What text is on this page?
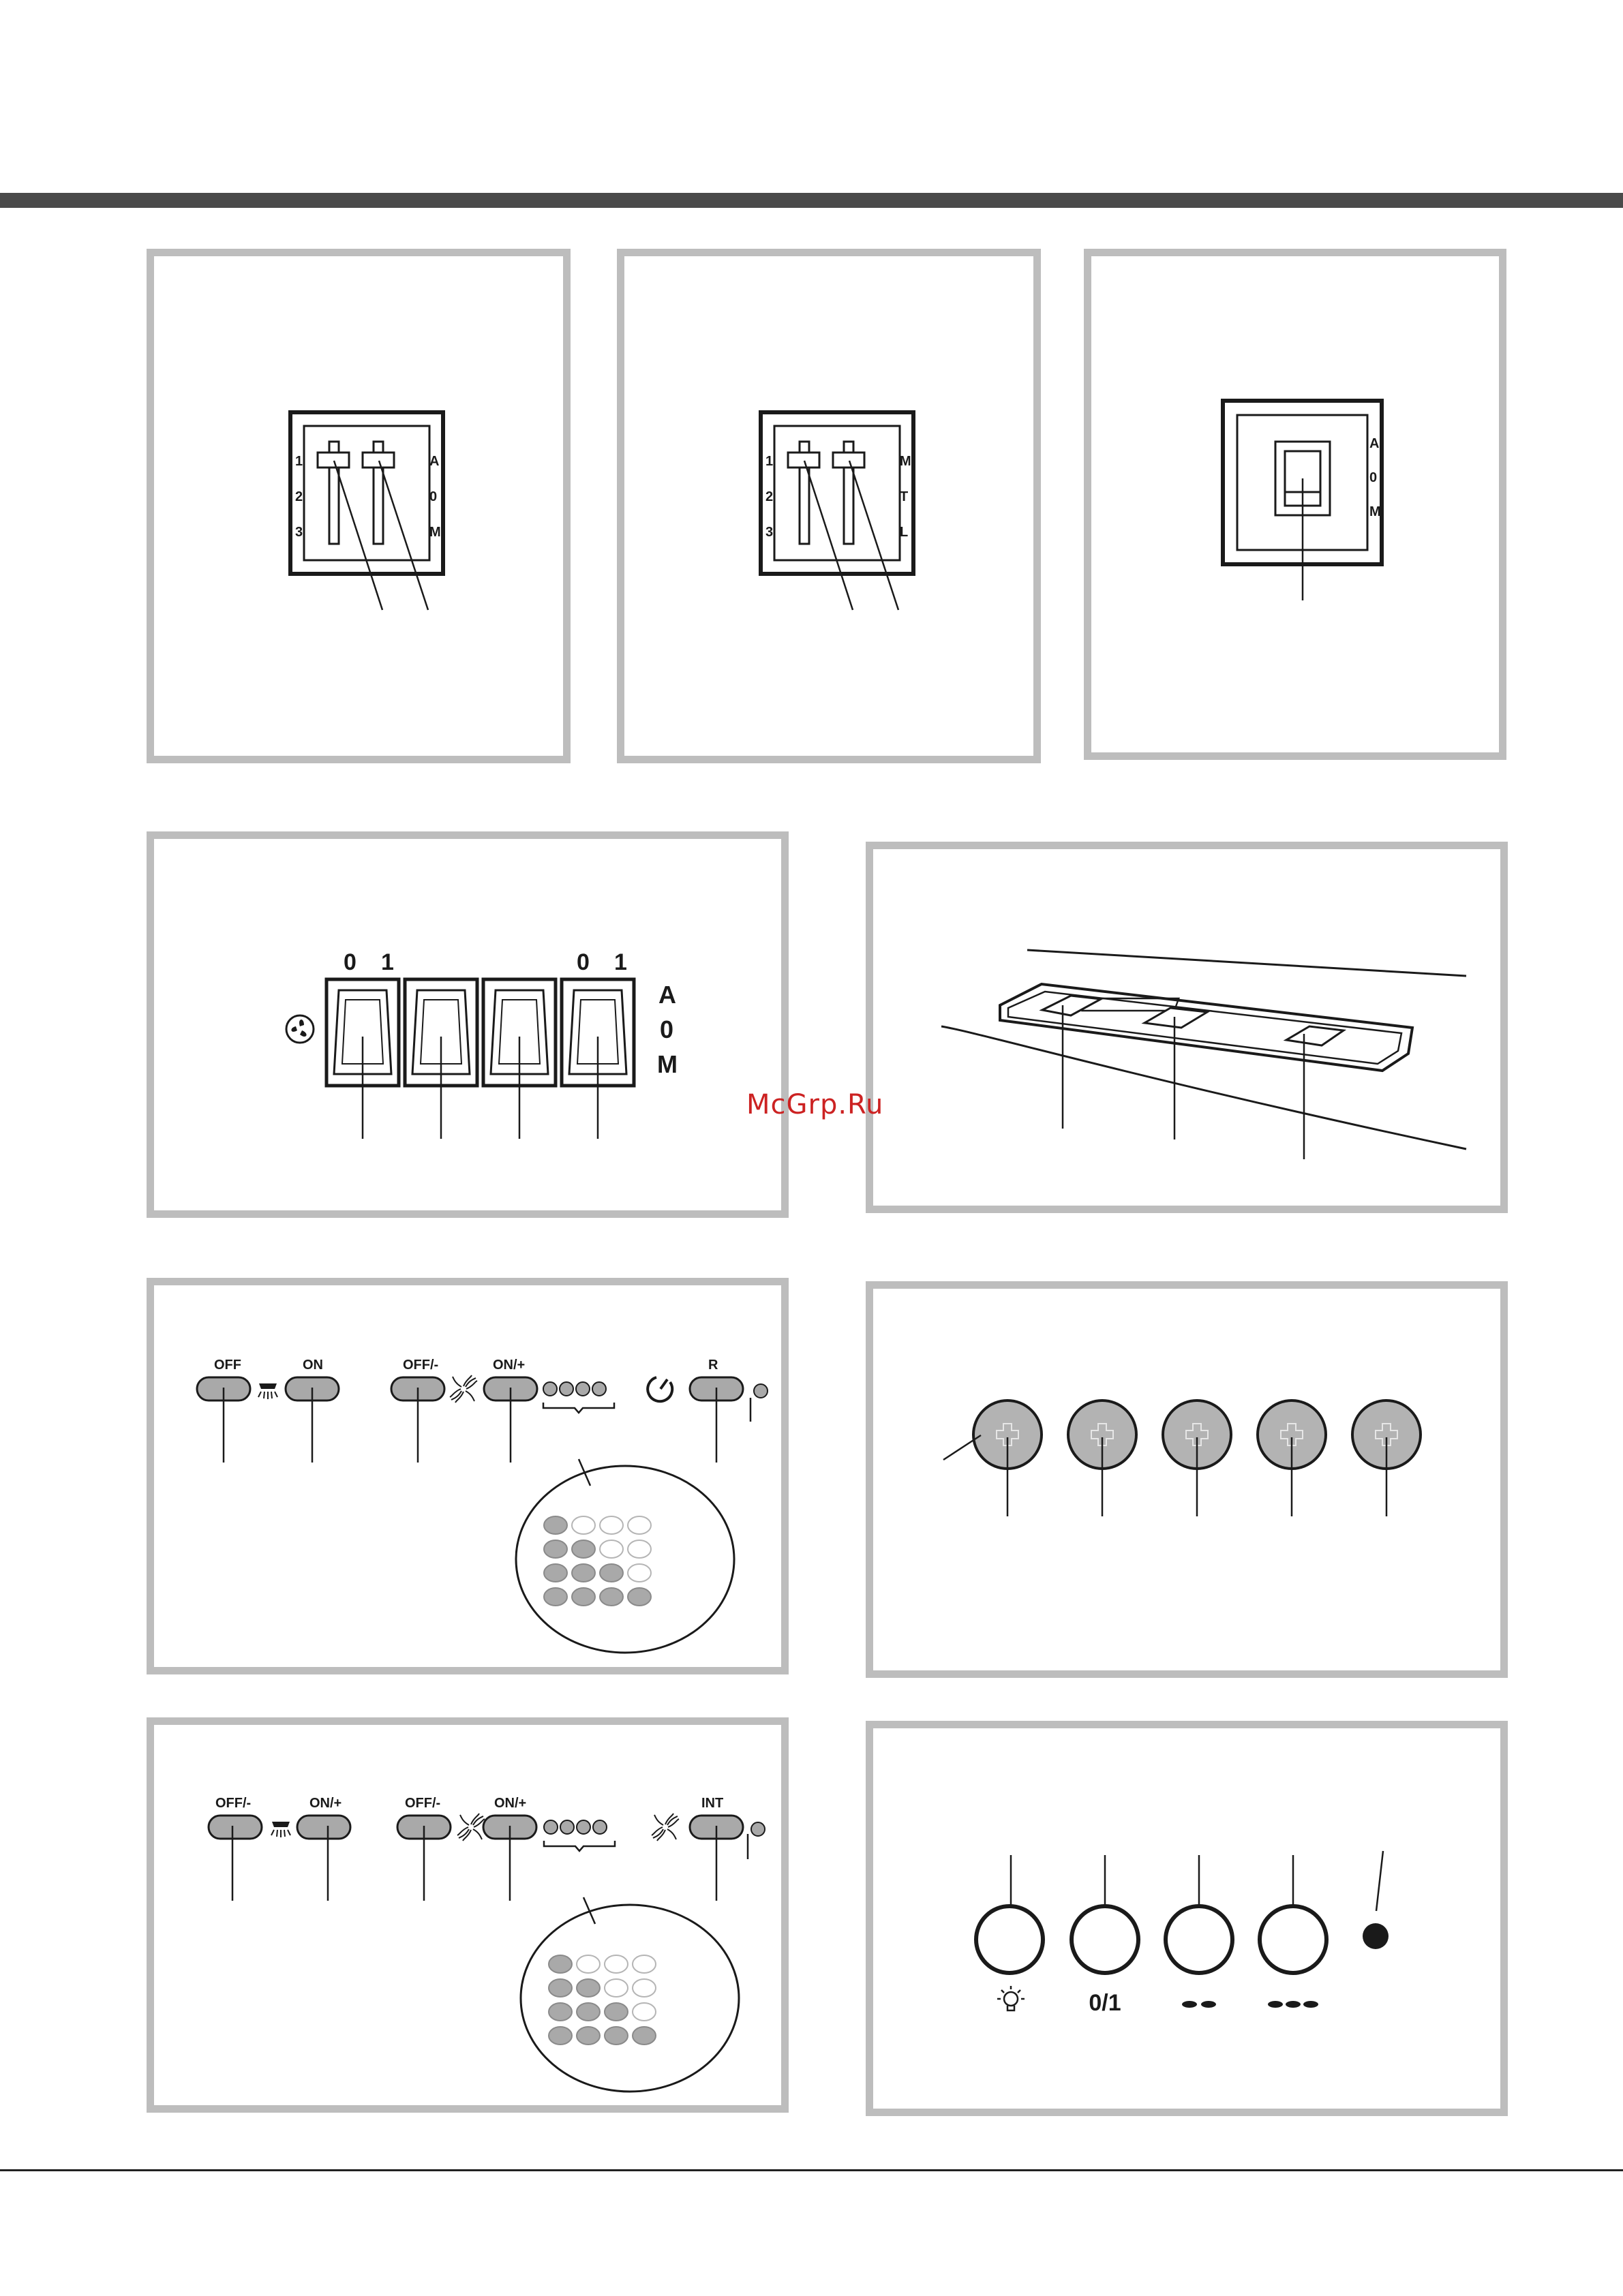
1
2
3
A
0
M
1
2
3
M
T
L
A
0
M
0 1	0 1
A
0
M
McGrp.Ru
OFF	ON	OFF/-	ON/+	R
OFF/-	ON/+	OFF/-	ON/+	INT
0/1
